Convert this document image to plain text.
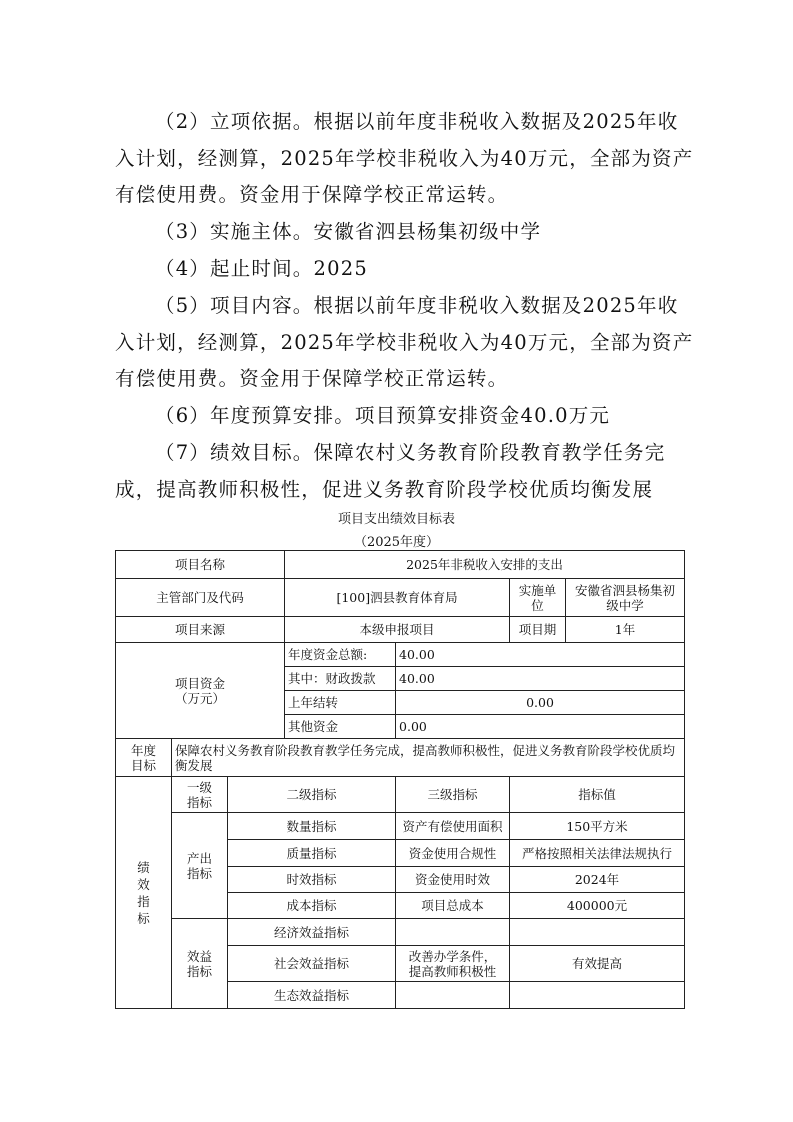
（2）立项依据。根据以前年度非税收入数据及2025年收入计划，经测算，2025年学校非税收入为40万元，全部为资产有偿使用费。资金用于保障学校正常运转。

（3）实施主体。安徽省泗县杨集初级中学

（4）起止时间。2025

（5）项目内容。根据以前年度非税收入数据及2025年收入计划，经测算，2025年学校非税收入为40万元，全部为资产有偿使用费。资金用于保障学校正常运转。

（6）年度预算安排。项目预算安排资金40.0万元

（7）绩效目标。保障农村义务教育阶段教育教学任务完成，提高教师积极性，促进义务教育阶段学校优质均衡发展

项目支出绩效目标表
（2025年度）
项目名称			2025年非税收入安排的支出			
主管部门及代码			[100]泗县教育体育局		实施单位	安徽省泗县杨集初级中学
项目来源			本级申报项目		项目期	1年

项目资金（万元）			年度资金总额:	40.00		
			其中：财政拨款	40.00		
			上年结转	0.00		
			其他资金	0.00		

年度目标	保障农村义务教育阶段教育教学任务完成，提高教师积极性，促进义务教育阶段学校优质均衡发展					

绩效指标	一级指标	二级指标		三级指标	指标值	

	产出指标	数量指标		资产有偿使用面积	150平方米	
		质量指标		资金使用合规性	严格按照相关法律法规执行	
		时效指标		资金使用时效	2024年	
		成本指标		项目总成本	400000元	

	效益指标	经济效益指标				
		社会效益指标		改善办学条件，提高教师积极性	有效提高	
		生态效益指标				
